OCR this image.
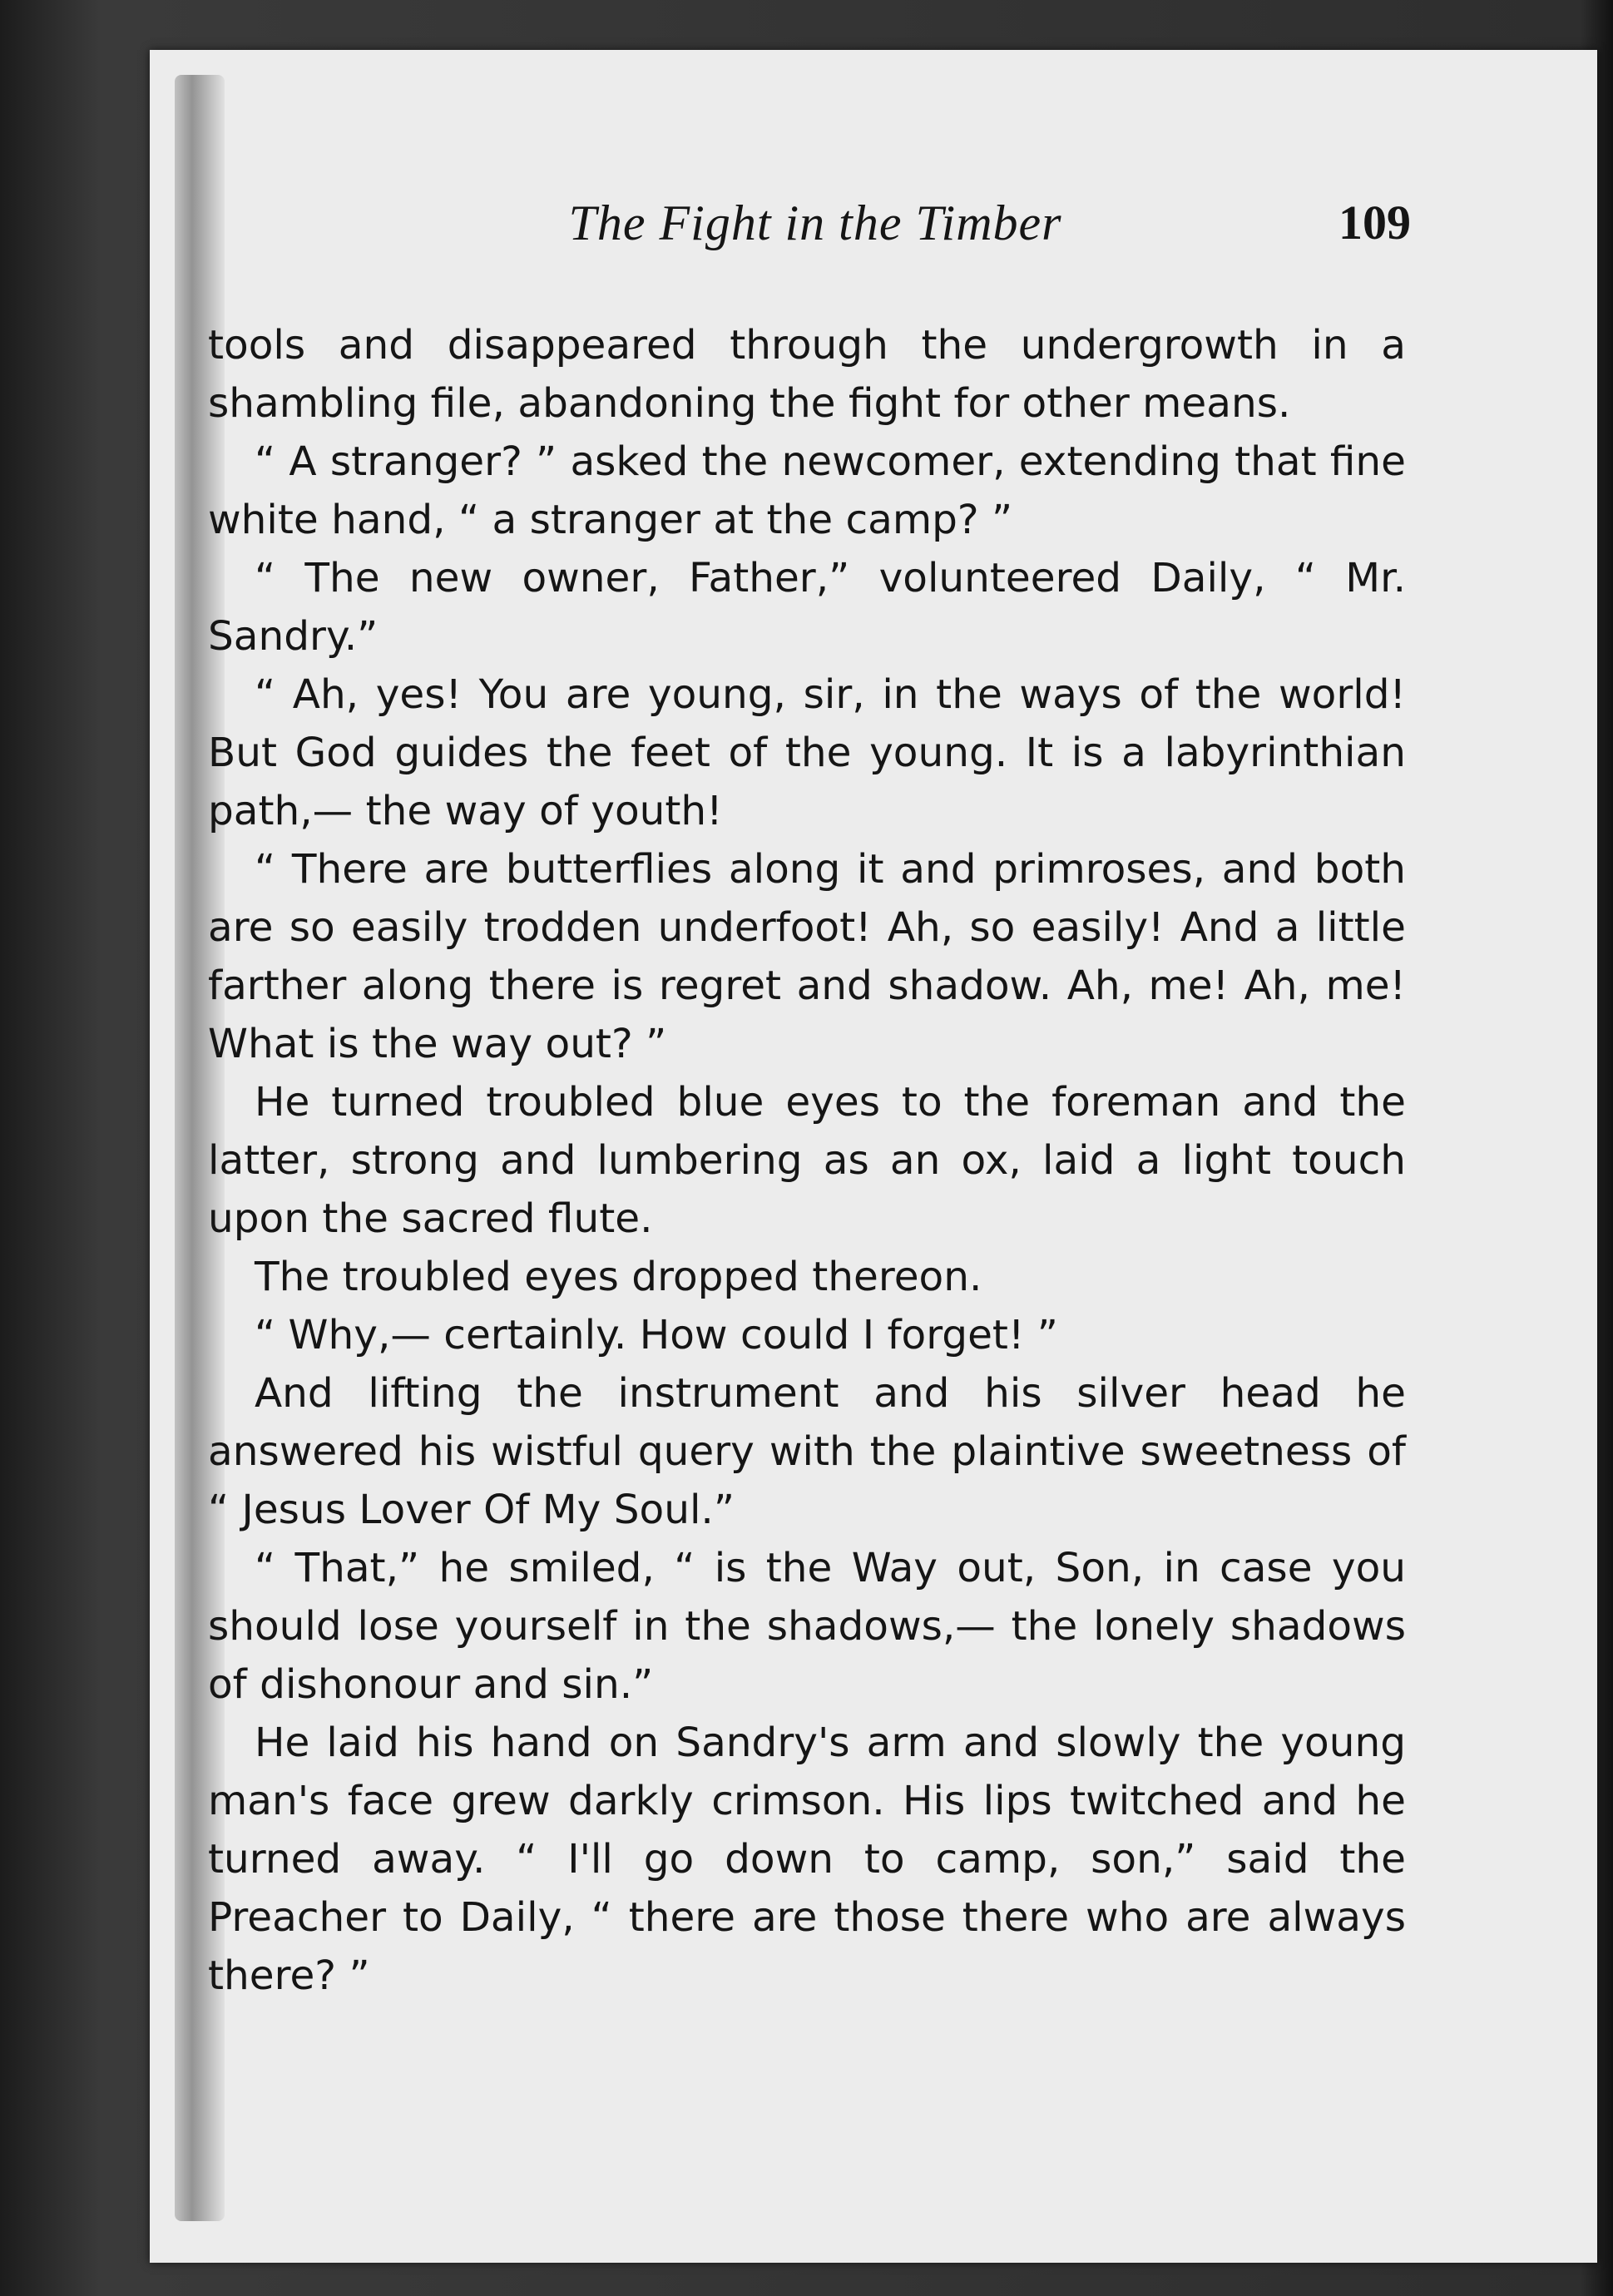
The Fight in the Timber	109

tools and disappeared through the undergrowth in a shambling file, abandoning the fight for other means.

“ A stranger? ” asked the newcomer, extending that fine white hand, “ a stranger at the camp? ”

“ The new owner, Father,” volunteered Daily, “ Mr. Sandry.”

“ Ah, yes! You are young, sir, in the ways of the world! But God guides the feet of the young. It is a labyrinthian path,— the way of youth!

“ There are butterflies along it and primroses, and both are so easily trodden underfoot! Ah, so easily! And a little farther along there is regret and shadow. Ah, me! Ah, me! What is the way out? ”

He turned troubled blue eyes to the foreman and the latter, strong and lumbering as an ox, laid a light touch upon the sacred flute.

The troubled eyes dropped thereon.

“ Why,— certainly. How could I forget! ”

And lifting the instrument and his silver head he answered his wistful query with the plaintive sweetness of “ Jesus Lover Of My Soul.”

“ That,” he smiled, “ is the Way out, Son, in case you should lose yourself in the shadows,— the lonely shadows of dishonour and sin.”

He laid his hand on Sandry's arm and slowly the young man's face grew darkly crimson. His lips twitched and he turned away. “ I'll go down to camp, son,” said the Preacher to Daily, “ there are those there who are always there? ”
